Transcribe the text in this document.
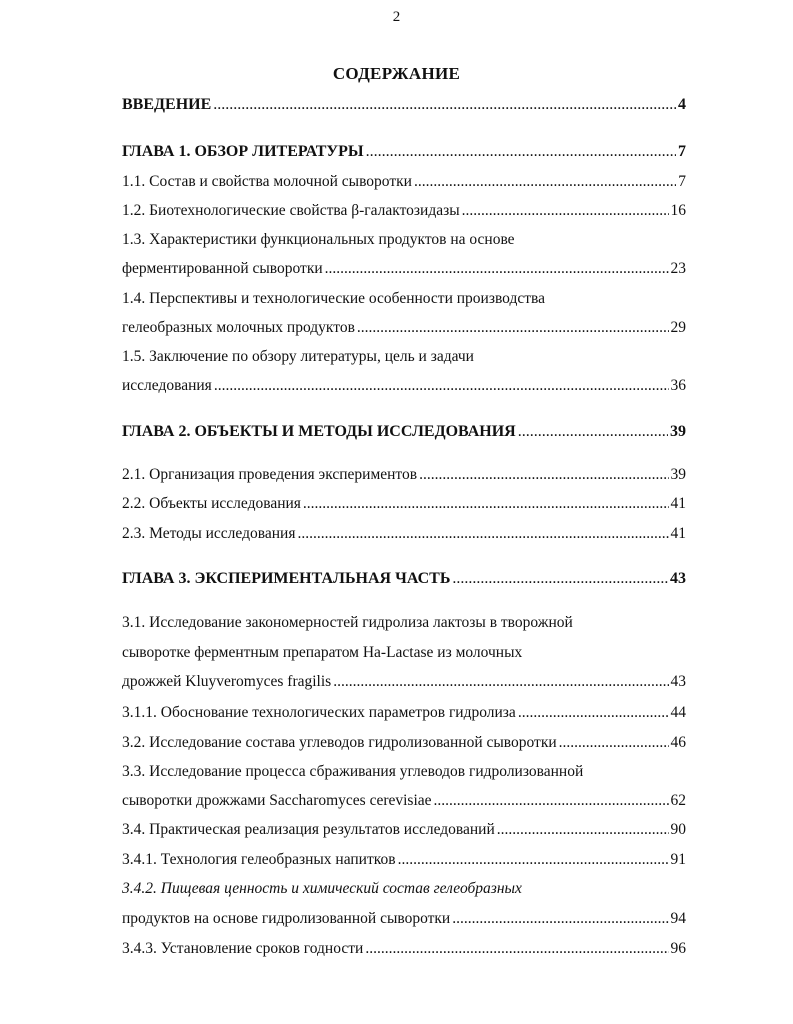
2
СОДЕРЖАНИЕ
ВВЕДЕНИЕ .....	4
ГЛАВА 1. ОБЗОР ЛИТЕРАТУРЫ .....	7
1.1. Состав и свойства молочной сыворотки .....	7
1.2. Биотехнологические свойства β-галактозидазы .....	16
1.3. Характеристики функциональных продуктов на основе
ферментированной сыворотки .....	23
1.4. Перспективы и технологические особенности производства
гелеобразных молочных продуктов .....	29
1.5. Заключение по обзору литературы, цель и задачи
исследования .....	36
ГЛАВА 2. ОБЪЕКТЫ И МЕТОДЫ ИССЛЕДОВАНИЯ .....	39
2.1. Организация проведения экспериментов .....	39
2.2. Объекты исследования .....	41
2.3. Методы исследования .....	41
ГЛАВА 3. ЭКСПЕРИМЕНТАЛЬНАЯ ЧАСТЬ .....	43
3.1. Исследование закономерностей гидролиза лактозы в творожной
сыворотке ферментным препаратом Ha-Lactase из молочных
дрожжей Kluyveromyces fragilis .....	43
3.1.1. Обоснование технологических параметров гидролиза .....	44
3.2. Исследование состава углеводов гидролизованной сыворотки .....	46
3.3. Исследование процесса сбраживания углеводов гидролизованной
сыворотки дрожжами Saccharomyces cerevisiae .....	62
3.4. Практическая реализация результатов исследований .....	90
3.4.1. Технология гелеобразных напитков .....	91
3.4.2. Пищевая ценность и химический состав гелеобразных
продуктов на основе гидролизованной сыворотки .....	94
3.4.3. Установление сроков годности .....	96
